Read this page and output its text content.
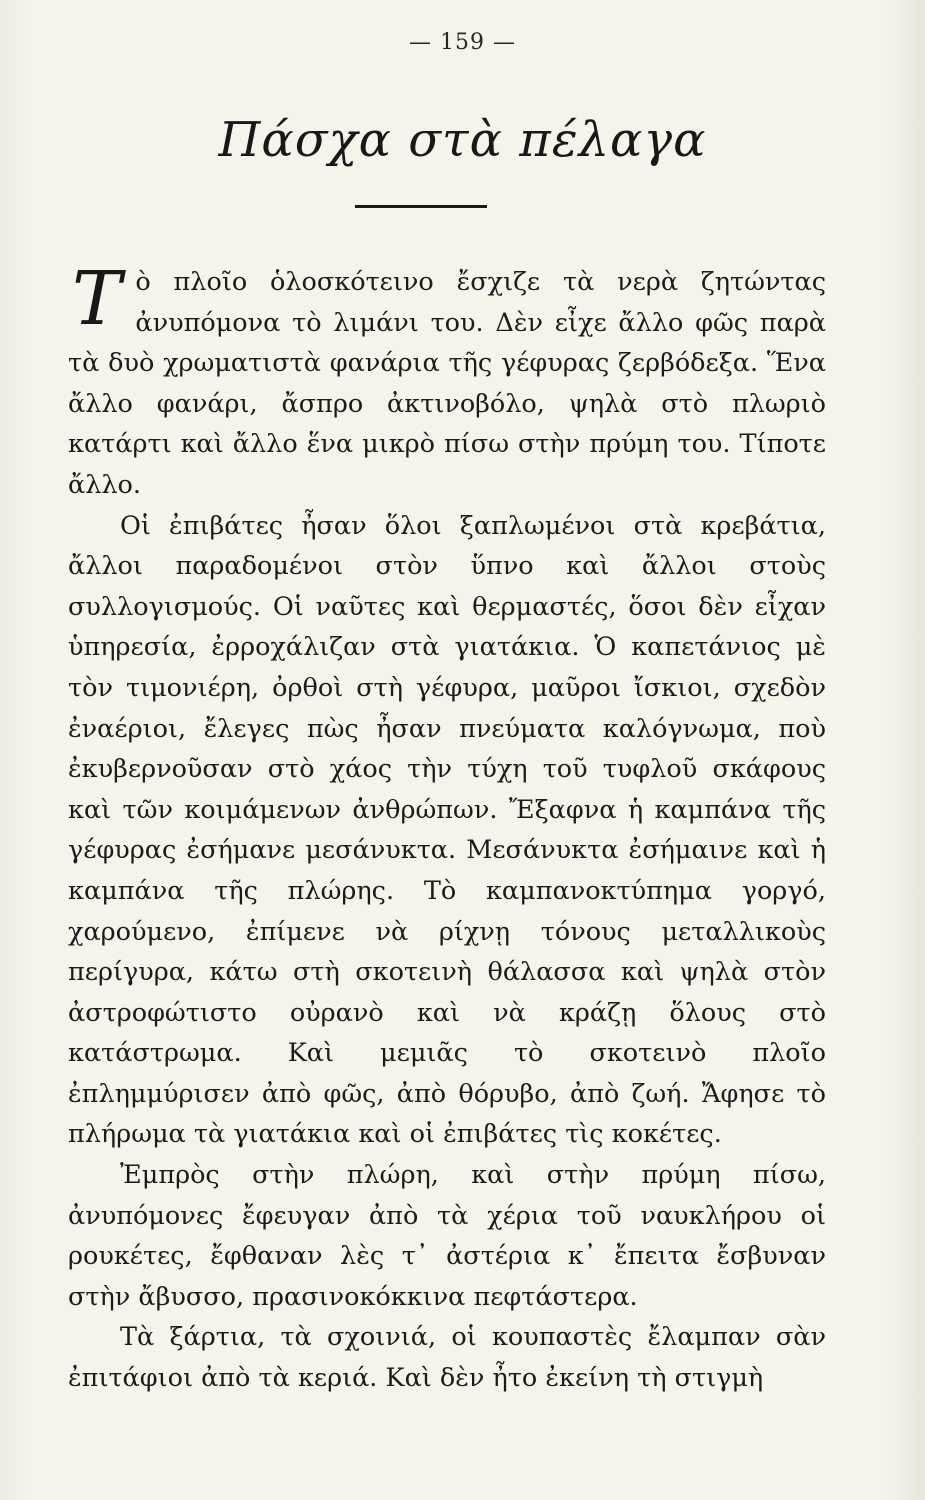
— 159 —
Πάσχα στὰ πέλαγα

Τὸ πλοῖο ὁλοσκότεινο ἔσχιζε τὰ νερὰ ζητώντας ἀνυπόμονα τὸ λιμάνι του. Δὲν εἶχε ἄλλο φῶς παρὰ τὰ δυὸ χρωματιστὰ φανάρια τῆς γέφυρας ζερβόδεξα. Ἕνα ἄλλο φανάρι, ἄσπρο ἀκτινοβόλο, ψηλὰ στὸ πλωριὸ κατάρτι καὶ ἄλλο ἕνα μικρὸ πίσω στὴν πρύμη του. Τίποτε ἄλλο.

Οἱ ἐπιβάτες ἦσαν ὅλοι ξαπλωμένοι στὰ κρεβάτια, ἄλλοι παραδομένοι στὸν ὕπνο καὶ ἄλλοι στοὺς συλλογισμούς. Οἱ ναῦτες καὶ θερμαστές, ὅσοι δὲν εἶχαν ὑπηρεσία, ἐρροχάλιζαν στὰ γιατάκια. Ὁ καπετάνιος μὲ τὸν τιμονιέρη, ὀρθοὶ στὴ γέφυρα, μαῦροι ἴσκιοι, σχεδὸν ἐναέριοι, ἔλεγες πὼς ἦσαν πνεύματα καλόγνωμα, ποὺ ἐκυβερνοῦσαν στὸ χάος τὴν τύχη τοῦ τυφλοῦ σκάφους καὶ τῶν κοιμάμενων ἀνθρώπων. Ἔξαφνα ἡ καμπάνα τῆς γέφυρας ἐσήμανε μεσάνυκτα. Μεσάνυκτα ἐσήμαινε καὶ ἡ καμπάνα τῆς πλώρης. Τὸ καμπανοκτύπημα γοργό, χαρούμενο, ἐπίμενε νὰ ρίχνῃ τόνους μεταλλικοὺς περίγυρα, κάτω στὴ σκοτεινὴ θάλασσα καὶ ψηλὰ στὸν ἀστροφώτιστο οὐρανὸ καὶ νὰ κράζῃ ὅλους στὸ κατάστρωμα. Καὶ μεμιᾶς τὸ σκοτεινὸ πλοῖο ἐπλημμύρισεν ἀπὸ φῶς, ἀπὸ θόρυβο, ἀπὸ ζωή. Ἄφησε τὸ πλήρωμα τὰ γιατάκια καὶ οἱ ἐπιβάτες τὶς κοκέτες.

Ἐμπρὸς στὴν πλώρη, καὶ στὴν πρύμη πίσω, ἀνυπόμονες ἔφευγαν ἀπὸ τὰ χέρια τοῦ ναυκλήρου οἱ ρουκέτες, ἔφθαναν λὲς τ᾿ ἀστέρια κ᾿ ἔπειτα ἔσβυναν στὴν ἄβυσσο, πρασινοκόκκινα πεφτάστερα.

Τὰ ξάρτια, τὰ σχοινιά, οἱ κουπαστὲς ἔλαμπαν σὰν ἐπιτάφιοι ἀπὸ τὰ κεριά. Καὶ δὲν ἦτο ἐκείνη τὴ στιγμὴ
